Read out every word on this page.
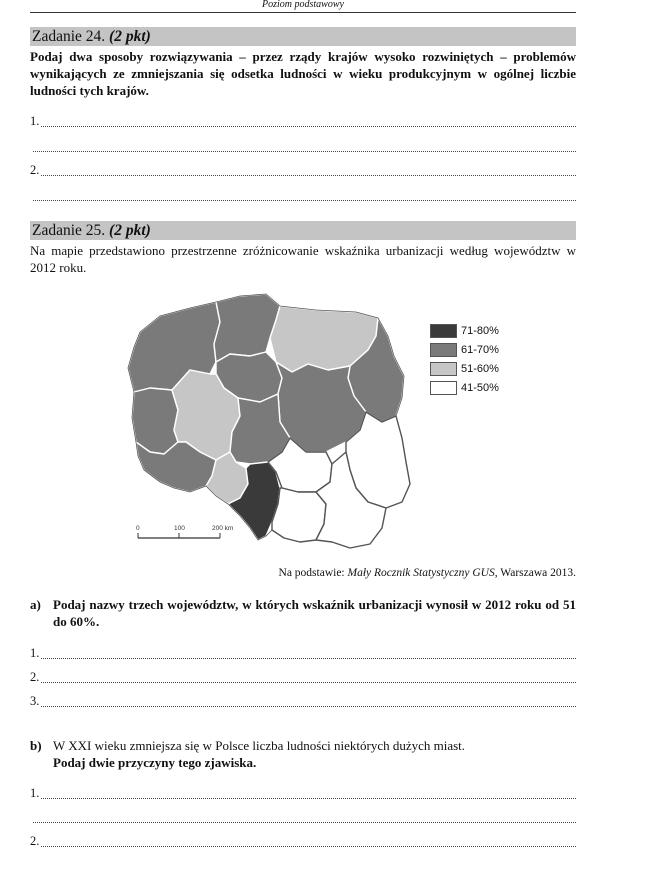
Poziom podstawowy
Zadanie 24. (2 pkt)
Podaj dwa sposoby rozwiązywania – przez rządy krajów wysoko rozwiniętych – problemów wynikających ze zmniejszania się odsetka ludności w wieku produkcyjnym w ogólnej liczbie ludności tych krajów.
1.
2.
Zadanie 25. (2 pkt)
Na mapie przedstawiono przestrzenne zróżnicowanie wskaźnika urbanizacji według województw w 2012 roku.
0	100	200 km
71-80%
61-70%
51-60%
41-50%
Na podstawie: Mały Rocznik Statystyczny GUS, Warszawa 2013.
a) Podaj nazwy trzech województw, w których wskaźnik urbanizacji wynosił w 2012 roku od 51 do 60%.
1.
2.
3.
b) W XXI wieku zmniejsza się w Polsce liczba ludności niektórych dużych miast.
Podaj dwie przyczyny tego zjawiska.
1.
2.
